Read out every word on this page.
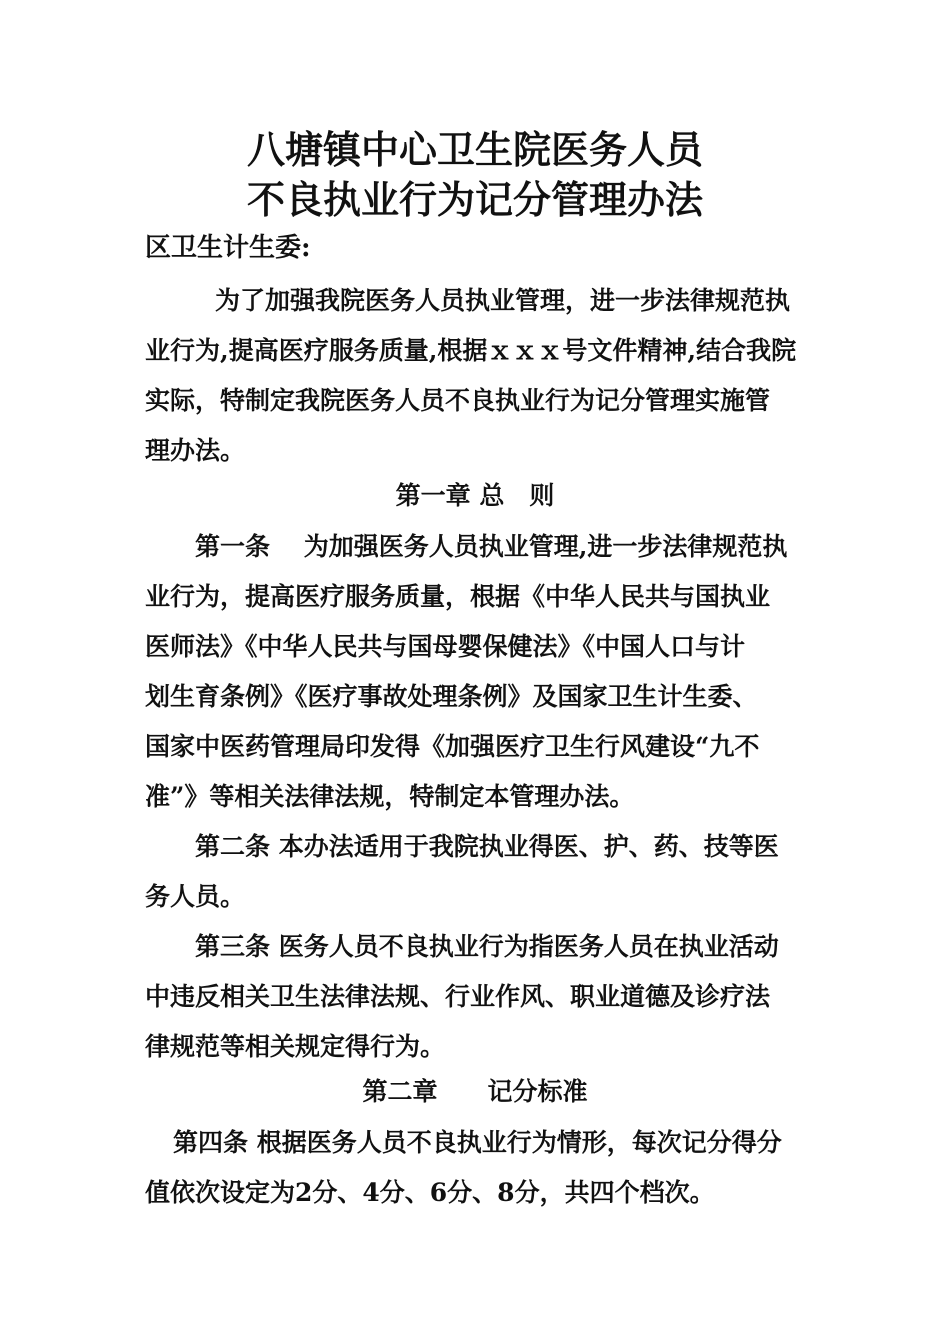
八塘镇中心卫生院医务人员
不良执业行为记分管理办法
区卫生计生委:
为了加强我院医务人员执业管理，进一步法律规范执
业行为,提高医疗服务质量,根据ｘｘｘ号文件精神,结合我院
实际，特制定我院医务人员不良执业行为记分管理实施管
理办法。
第一章 总　则
第一条　 为加强医务人员执业管理,进一步法律规范执
业行为，提高医疗服务质量，根据《中华人民共与国执业
医师法》《中华人民共与国母婴保健法》《中国人口与计
划生育条例》《医疗事故处理条例》及国家卫生计生委、
国家中医药管理局印发得《加强医疗卫生行风建设“九不
准”》等相关法律法规，特制定本管理办法。
第二条 本办法适用于我院执业得医、护、药、技等医
务人员。
第三条 医务人员不良执业行为指医务人员在执业活动
中违反相关卫生法律法规、行业作风、职业道德及诊疗法
律规范等相关规定得行为。
第二章　　记分标准
第四条 根据医务人员不良执业行为情形，每次记分得分
值依次设定为2分、4分、6分、8分，共四个档次。
